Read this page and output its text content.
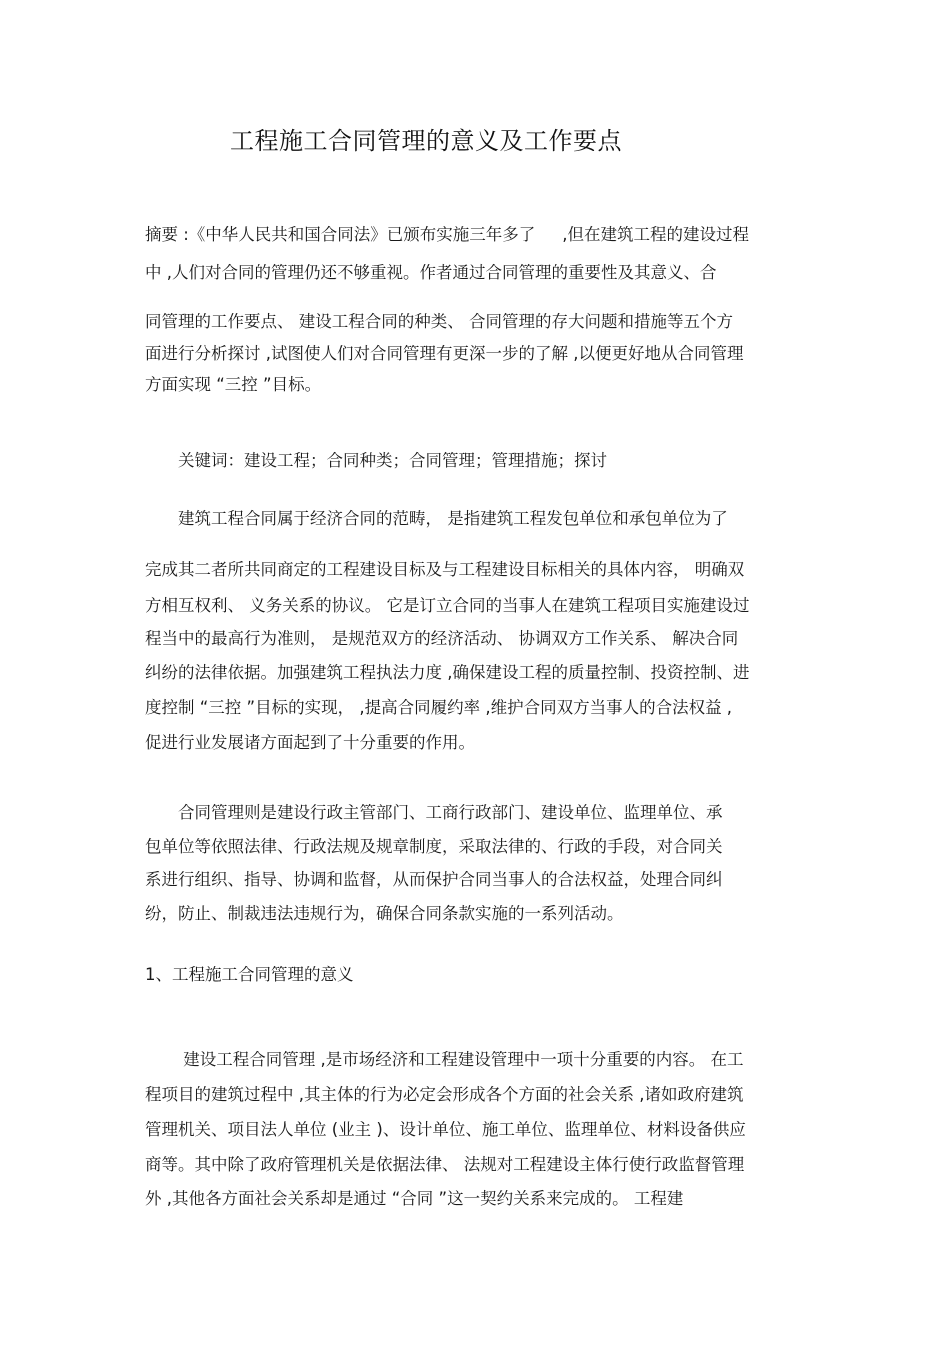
工程施工合同管理的意义及工作要点
摘要 :《中华人民共和国合同法》已颁布实施三年多了 　 ,但在建筑工程的建设过程
中 ,人们对合同的管理仍还不够重视。作者通过合同管理的重要性及其意义、合
同管理的工作要点、 建设工程合同的种类、 合同管理的存大问题和措施等五个方
面进行分析探讨 ,试图使人们对合同管理有更深一步的了解 ,以便更好地从合同管理
方面实现 “三控 ”目标。
　　关键词：建设工程；合同种类；合同管理；管理措施；探讨
　　建筑工程合同属于经济合同的范畴， 是指建筑工程发包单位和承包单位为了
完成其二者所共同商定的工程建设目标及与工程建设目标相关的具体内容， 明确双
方相互权利、 义务关系的协议。 它是订立合同的当事人在建筑工程项目实施建设过
程当中的最高行为准则， 是规范双方的经济活动、 协调双方工作关系、 解决合同
纠纷的法律依据。加强建筑工程执法力度 ,确保建设工程的质量控制、投资控制、进
度控制 “三控 ”目标的实现， ,提高合同履约率 ,维护合同双方当事人的合法权益 ,
促进行业发展诸方面起到了十分重要的作用。
　　合同管理则是建设行政主管部门、工商行政部门、建设单位、监理单位、承
包单位等依照法律、行政法规及规章制度，采取法律的、行政的手段，对合同关
系进行组织、指导、协调和监督，从而保护合同当事人的合法权益，处理合同纠
纷，防止、制裁违法违规行为，确保合同条款实施的一系列活动。
1、工程施工合同管理的意义
　　 建设工程合同管理 ,是市场经济和工程建设管理中一项十分重要的内容。 在工
程项目的建筑过程中 ,其主体的行为必定会形成各个方面的社会关系 ,诸如政府建筑
管理机关、项目法人单位 (业主 )、设计单位、施工单位、监理单位、材料设备供应
商等。其中除了政府管理机关是依据法律、 法规对工程建设主体行使行政监督管理
外 ,其他各方面社会关系却是通过 “合同 ”这一契约关系来完成的。 工程建
